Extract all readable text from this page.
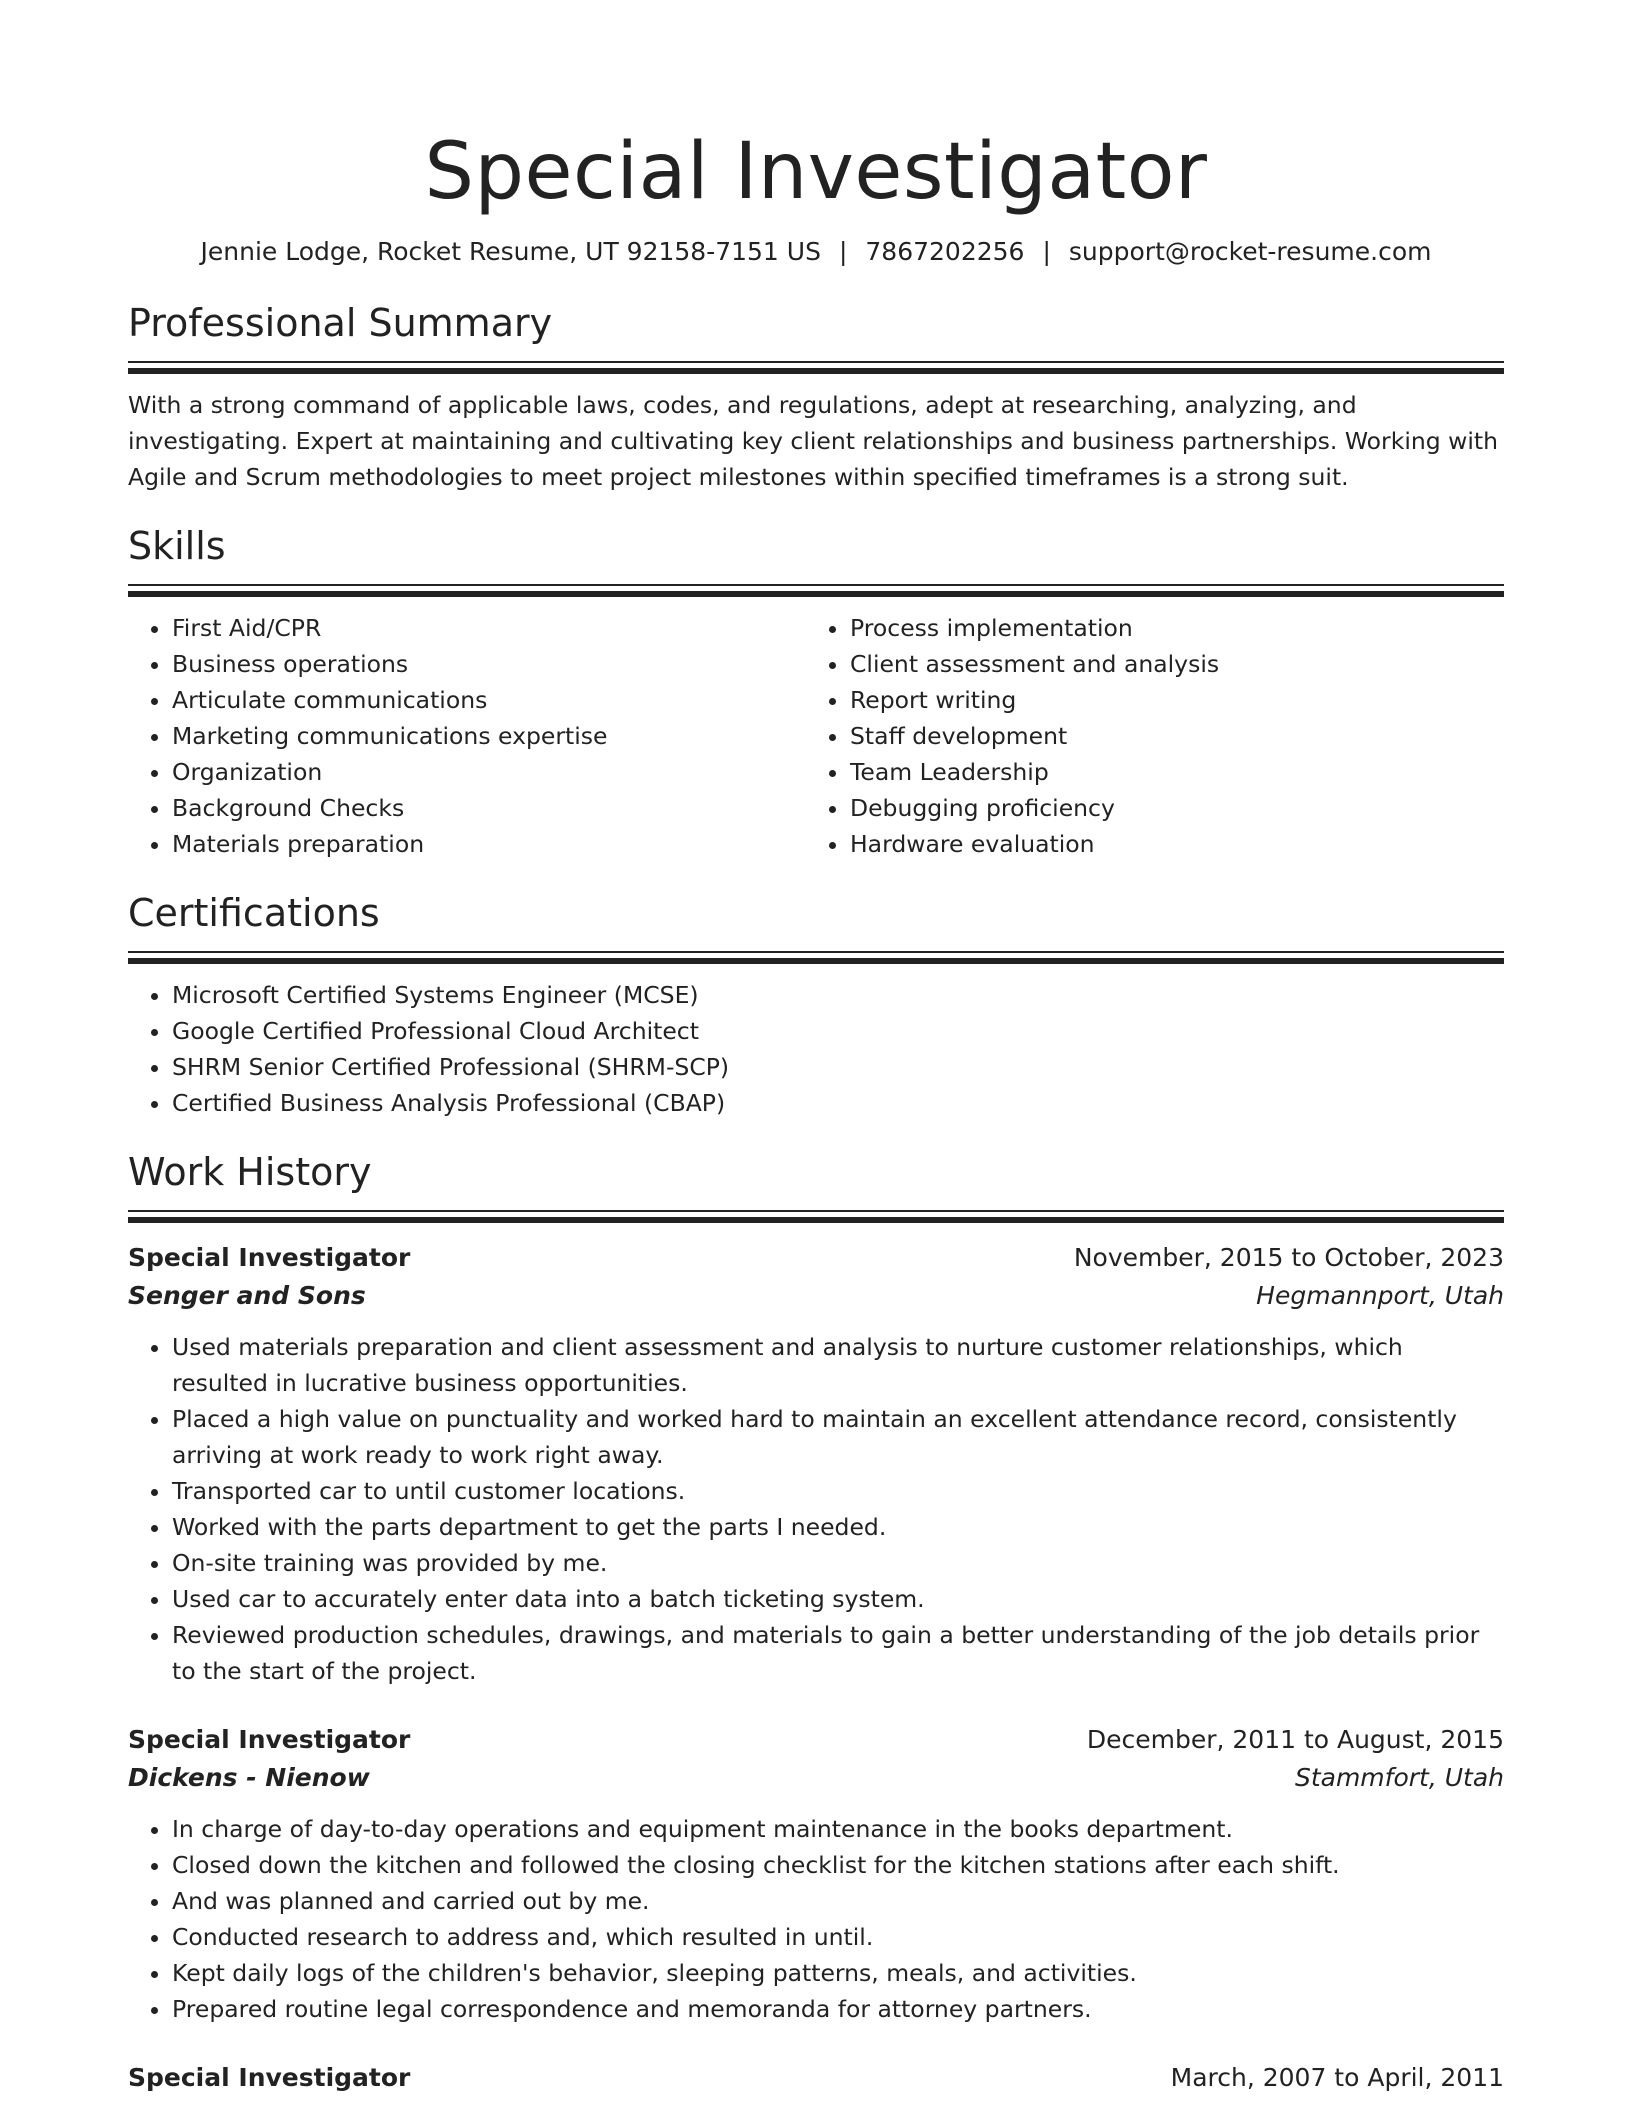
Special Investigator
Jennie Lodge, Rocket Resume, UT 92158-7151 US | 7867202256 | support@rocket-resume.com
Professional Summary
With a strong command of applicable laws, codes, and regulations, adept at researching, analyzing, and investigating. Expert at maintaining and cultivating key client relationships and business partnerships. Working with Agile and Scrum methodologies to meet project milestones within specified timeframes is a strong suit.
Skills
• First Aid/CPR
• Business operations
• Articulate communications
• Marketing communications expertise
• Organization
• Background Checks
• Materials preparation
• Process implementation
• Client assessment and analysis
• Report writing
• Staff development
• Team Leadership
• Debugging proficiency
• Hardware evaluation
Certifications
• Microsoft Certified Systems Engineer (MCSE)
• Google Certified Professional Cloud Architect
• SHRM Senior Certified Professional (SHRM-SCP)
• Certified Business Analysis Professional (CBAP)
Work History
Special Investigator	November, 2015 to October, 2023
Senger and Sons	Hegmannport, Utah
• Used materials preparation and client assessment and analysis to nurture customer relationships, which resulted in lucrative business opportunities.
• Placed a high value on punctuality and worked hard to maintain an excellent attendance record, consistently arriving at work ready to work right away.
• Transported car to until customer locations.
• Worked with the parts department to get the parts I needed.
• On-site training was provided by me.
• Used car to accurately enter data into a batch ticketing system.
• Reviewed production schedules, drawings, and materials to gain a better understanding of the job details prior to the start of the project.
Special Investigator	December, 2011 to August, 2015
Dickens - Nienow	Stammfort, Utah
• In charge of day-to-day operations and equipment maintenance in the books department.
• Closed down the kitchen and followed the closing checklist for the kitchen stations after each shift.
• And was planned and carried out by me.
• Conducted research to address and, which resulted in until.
• Kept daily logs of the children's behavior, sleeping patterns, meals, and activities.
• Prepared routine legal correspondence and memoranda for attorney partners.
Special Investigator	March, 2007 to April, 2011
